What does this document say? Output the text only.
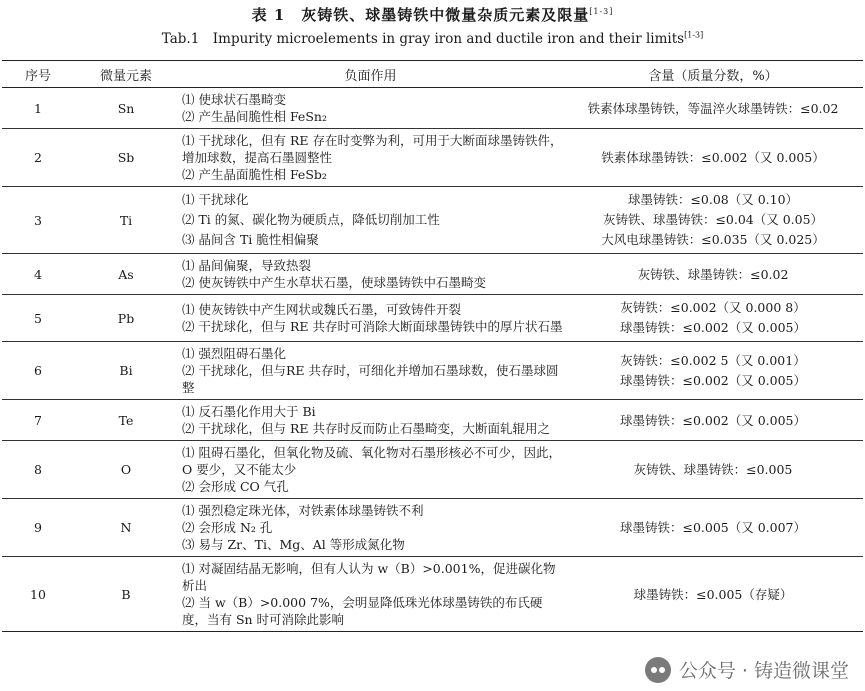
表 1　灰铸铁、球墨铸铁中微量杂质元素及限量[1-3]
Tab.1　Impurity microelements in gray iron and ductile iron and their limits[1-3]
序号	微量元素	负面作用	含量（质量分数，%）
1	Sn	⑴ 使球状石墨畸变
⑵ 产生晶间脆性相 FeSn₂	铁素体球墨铸铁，等温淬火球墨铸铁：≤0.02

2	Sb	⑴ 干扰球化，但有 RE 存在时变弊为利，可用于大断面球墨铸铁件，增加球数，提高石墨圆整性
⑵ 产生晶面脆性相 FeSb₂	铁素体球墨铸铁：≤0.002（又 0.005）

3	Ti	⑴ 干扰球化
⑵ Ti 的氮、碳化物为硬质点，降低切削加工性
⑶ 晶间含 Ti 脆性相偏聚	球墨铸铁：≤0.08（又 0.10）
灰铸铁、球墨铸铁：≤0.04（又 0.05）
大风电球墨铸铁：≤0.035（又 0.025）

4	As	⑴ 晶间偏聚，导致热裂
⑵ 使灰铸铁中产生水草状石墨，使球墨铸铁中石墨畸变	灰铸铁、球墨铸铁：≤0.02

5	Pb	⑴ 使灰铸铁中产生网状或魏氏石墨，可致铸件开裂
⑵ 干扰球化，但与 RE 共存时可消除大断面球墨铸铁中的厚片状石墨	灰铸铁：≤0.002（又 0.000 8）
球墨铸铁：≤0.002（又 0.005）

6	Bi	⑴ 强烈阻碍石墨化
⑵ 干扰球化，但与RE 共存时，可细化并增加石墨球数，使石墨球圆整	灰铸铁：≤0.002 5（又 0.001）
球墨铸铁：≤0.002（又 0.005）

7	Te	⑴ 反石墨化作用大于 Bi
⑵ 干扰球化，但与 RE 共存时反而防止石墨畸变，大断面轧辊用之	球墨铸铁：≤0.002（又 0.005）

8	O	⑴ 阻碍石墨化，但氧化物及硫、氧化物对石墨形核必不可少，因此，O 要少，又不能太少
⑵ 会形成 CO 气孔	灰铸铁、球墨铸铁：≤0.005

9	N	⑴ 强烈稳定珠光体，对铁素体球墨铸铁不利
⑵ 会形成 N₂ 孔
⑶ 易与 Zr、Ti、Mg、Al 等形成氮化物	球墨铸铁：≤0.005（又 0.007）

10	B	⑴ 对凝固结晶无影响，但有人认为 w（B）>0.001%，促进碳化物析出
⑵ 当 w（B）>0.000 7%，会明显降低珠光体球墨铸铁的布氏硬度，当有 Sn 时可消除此影响	球墨铸铁：≤0.005（存疑）
公众号 · 铸造微课堂
